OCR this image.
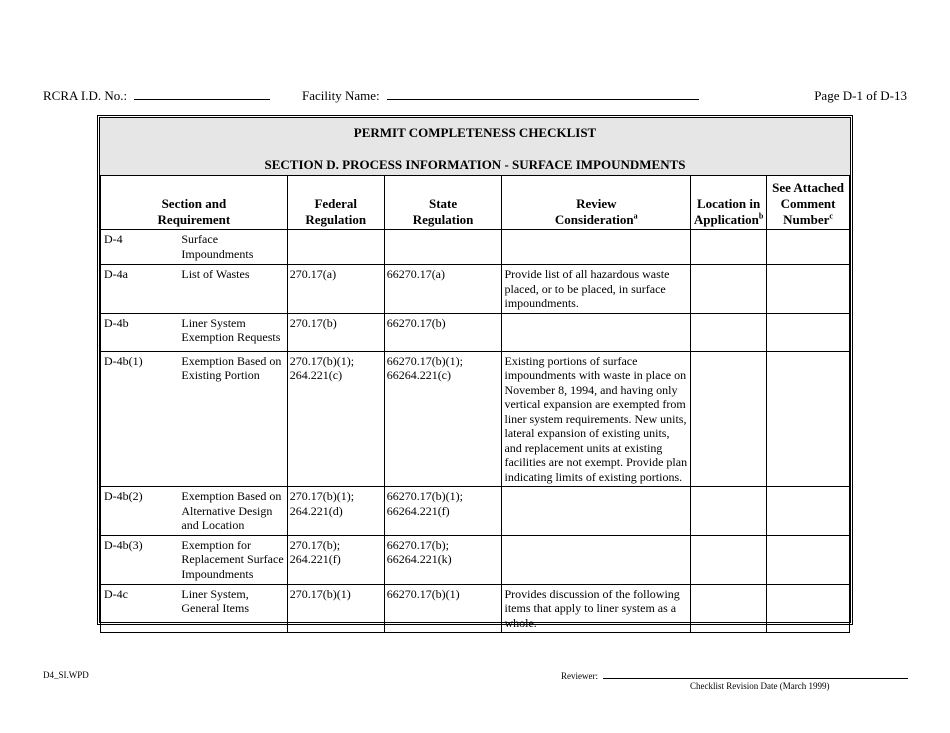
RCRA I.D. No.:	Facility Name:	Page D-1 of D-13
PERMIT COMPLETENESS CHECKLIST
SECTION D. PROCESS INFORMATION - SURFACE IMPOUNDMENTS
Section and Requirement		Federal Regulation	State Regulation	Review Consideration$^a$	Location in Application$^b$	See Attached Comment Number$^c$

D-4	Surface Impoundments					
D-4a	List of Wastes	270.17(a)	66270.17(a)	Provide list of all hazardous waste placed, or to be placed, in surface impoundments.		
D-4b	Liner System Exemption Requests	270.17(b)	66270.17(b)			
D-4b(1)	Exemption Based on Existing Portion	270.17(b)(1); 264.221(c)	66270.17(b)(1); 66264.221(c)	Existing portions of surface impoundments with waste in place on November 8, 1994, and having only vertical expansion are exempted from liner system requirements. New units, lateral expansion of existing units, and replacement units at existing facilities are not exempt. Provide plan indicating limits of existing portions.		
D-4b(2)	Exemption Based on Alternative Design and Location	270.17(b)(1); 264.221(d)	66270.17(b)(1); 66264.221(f)			
D-4b(3)	Exemption for Replacement Surface Impoundments	270.17(b); 264.221(f)	66270.17(b); 66264.221(k)			
D-4c	Liner System, General Items	270.17(b)(1)	66270.17(b)(1)	Provides discussion of the following items that apply to liner system as a whole.		
D4_SI.WPD	Reviewer:
Checklist Revision Date (March 1999)
